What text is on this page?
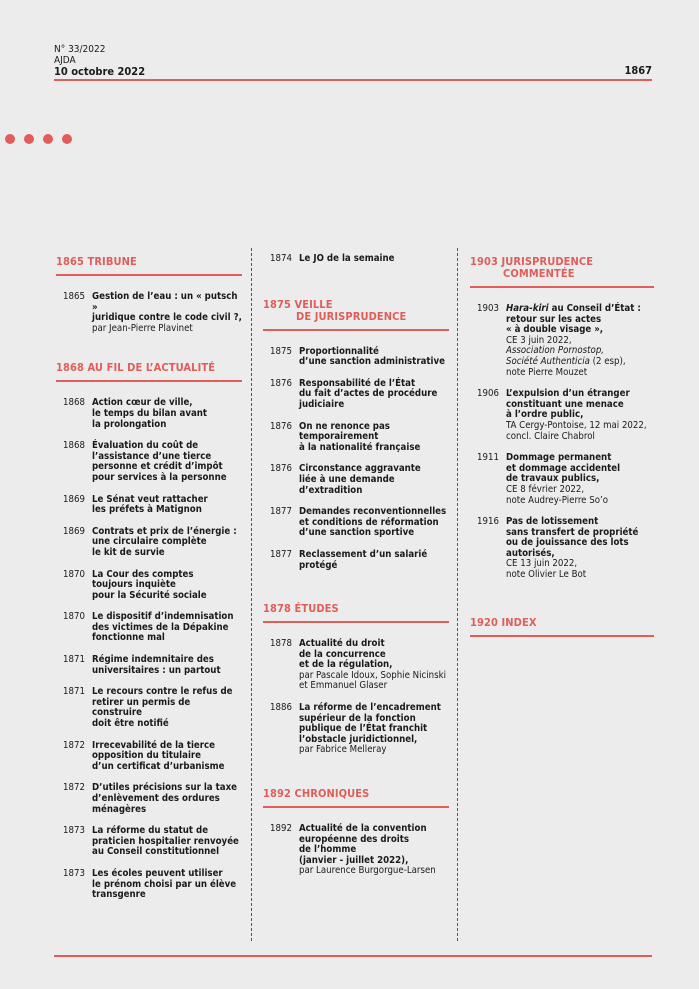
N° 33/2022
AJDA
10 octobre 2022	1867
1865 TRIBUNE
1865 Gestion de l’eau : un « putsch »
juridique contre le code civil ?,
par Jean-Pierre Plavinet
1868 AU FIL DE L’ACTUALITÉ
1868 Action cœur de ville,
le temps du bilan avant
la prolongation
1868 Évaluation du coût de
l’assistance d’une tierce
personne et crédit d’impôt
pour services à la personne
1869 Le Sénat veut rattacher
les préfets à Matignon
1869 Contrats et prix de l’énergie :
une circulaire complète
le kit de survie
1870 La Cour des comptes
toujours inquiète
pour la Sécurité sociale
1870 Le dispositif d’indemnisation
des victimes de la Dépakine
fonctionne mal
1871 Régime indemnitaire des
universitaires : un partout
1871 Le recours contre le refus de
retirer un permis de construire
doit être notifié
1872 Irrecevabilité de la tierce
opposition du titulaire
d’un certificat d’urbanisme
1872 D’utiles précisions sur la taxe
d’enlèvement des ordures
ménagères
1873 La réforme du statut de
praticien hospitalier renvoyée
au Conseil constitutionnel
1873 Les écoles peuvent utiliser
le prénom choisi par un élève
transgenre
1874 Le JO de la semaine
1875 VEILLE
DE JURISPRUDENCE
1875 Proportionnalité
d’une sanction administrative
1876 Responsabilité de l’État
du fait d’actes de procédure
judiciaire
1876 On ne renonce pas
temporairement
à la nationalité française
1876 Circonstance aggravante
liée à une demande
d’extradition
1877 Demandes reconventionnelles
et conditions de réformation
d’une sanction sportive
1877 Reclassement d’un salarié
protégé
1878 ÉTUDES
1878 Actualité du droit
de la concurrence
et de la régulation,
par Pascale Idoux, Sophie Nicinski
et Emmanuel Glaser
1886 La réforme de l’encadrement
supérieur de la fonction
publique de l’État franchit
l’obstacle juridictionnel,
par Fabrice Melleray
1892 CHRONIQUES
1892 Actualité de la convention
européenne des droits
de l’homme
(janvier - juillet 2022),
par Laurence Burgorgue-Larsen
1903 JURISPRUDENCE
COMMENTÉE
1903 Hara-kiri au Conseil d’État :
retour sur les actes
« à double visage »,
CE 3 juin 2022,
Association Pornostop,
Société Authenticia (2 esp),
note Pierre Mouzet
1906 L’expulsion d’un étranger
constituant une menace
à l’ordre public,
TA Cergy-Pontoise, 12 mai 2022,
concl. Claire Chabrol
1911 Dommage permanent
et dommage accidentel
de travaux publics,
CE 8 février 2022,
note Audrey-Pierre So’o
1916 Pas de lotissement
sans transfert de propriété
ou de jouissance des lots
autorisés,
CE 13 juin 2022,
note Olivier Le Bot
1920 INDEX
